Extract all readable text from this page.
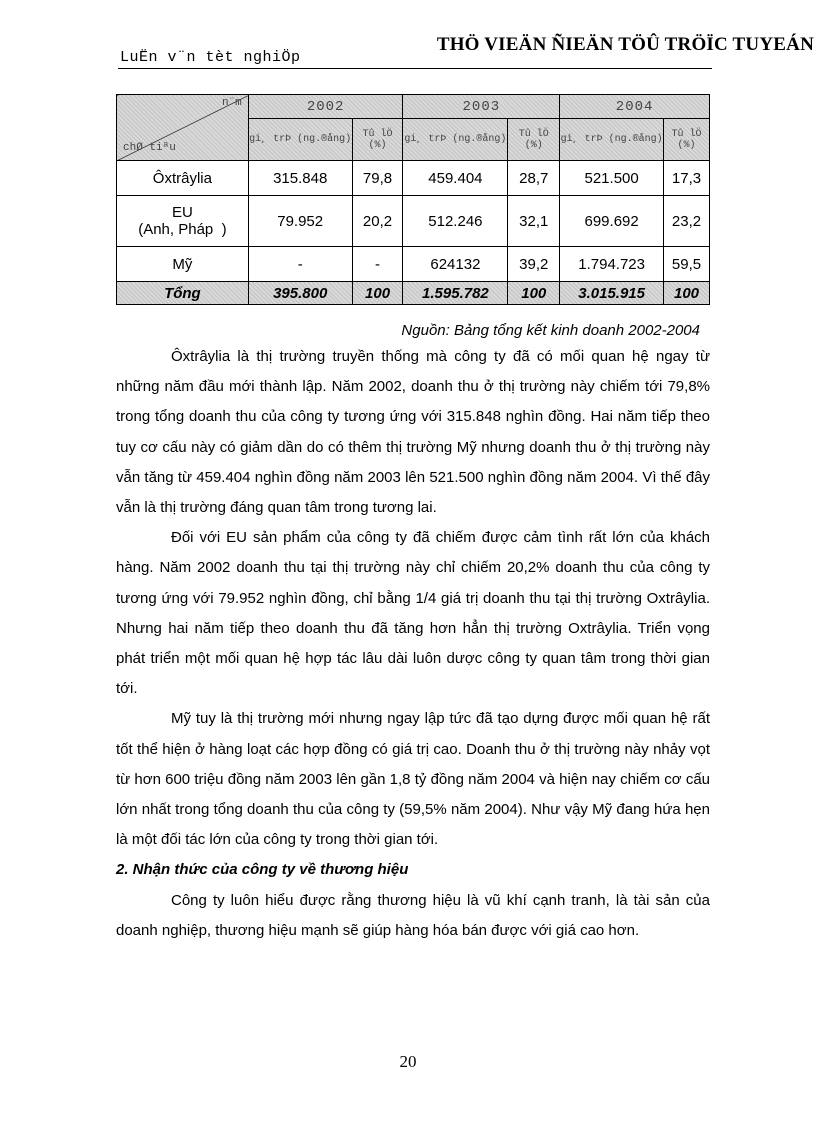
LuËn v¨n tèt nghiÖp
THÖ VIEÄN ÑIEÄN TÖÛ TRÖÏC TUYEÁN
n¨m
chØ tiªu	2002		2003		2004	
	gi¸ trÞ (ng.®ång)	Tû lÖ (%)	gi¸ trÞ (ng.®ång)	Tû lÖ (%)	gi¸ trÞ (ng.®ång)	Tû lÖ (%)
Ôxtrâylia	315.848	79,8	459.404	28,7	521.500	17,3

EU
(Anh, Pháp  )	79.952	20,2	512.246	32,1	699.692	23,2
Mỹ	-	-	624132	39,2	1.794.723	59,5
Tổng	395.800	100	1.595.782	100	3.015.915	100
Nguồn: Bảng tổng kết kinh doanh 2002-2004

Ôxtrâylia là thị trường truyền thống mà công ty đã có mối quan hệ ngay từ những năm đầu mới thành lập. Năm 2002, doanh thu ở thị trường này chiếm tới 79,8% trong tổng doanh thu của công ty tương ứng với 315.848 nghìn đồng. Hai năm tiếp theo tuy cơ cấu này có giảm dần do có thêm thị trường Mỹ nhưng doanh thu ở thị trường này vẫn tăng từ 459.404 nghìn đồng năm 2003 lên 521.500 nghìn đồng năm 2004. Vì thế đây vẫn là thị trường đáng quan tâm trong tương lai.

Đối với EU sản phẩm của công ty đã chiếm được cảm tình rất lớn của khách hàng. Năm 2002 doanh thu tại thị trường này chỉ chiếm 20,2% doanh thu của công ty tương ứng với 79.952 nghìn đồng, chỉ bằng 1/4 giá trị doanh thu tại thị trường Oxtrâylia. Nhưng hai năm tiếp theo doanh thu đã tăng hơn hẳn thị trường Oxtrâylia. Triển vọng phát triển một mối quan hệ hợp tác lâu dài luôn dược công ty quan tâm trong thời gian tới.

Mỹ tuy là thị trường mới nhưng ngay lập tức đã tạo dựng được mối quan hệ rất tốt thể hiện ở hàng loạt các hợp đồng có giá trị cao. Doanh thu ở thị trường này nhảy vọt từ hơn 600 triệu đồng năm 2003 lên gần 1,8 tỷ đồng năm 2004 và hiện nay chiếm cơ cấu lớn nhất trong tổng doanh thu của công ty (59,5% năm 2004). Như vậy Mỹ đang hứa hẹn là một đối tác lớn của công ty trong thời gian tới.

2. Nhận thức của công ty về thương hiệu

Công ty luôn hiểu được rằng thương hiệu là vũ khí cạnh tranh, là tài sản của doanh nghiệp, thương hiệu mạnh sẽ giúp hàng hóa bán được với giá cao hơn.

20
